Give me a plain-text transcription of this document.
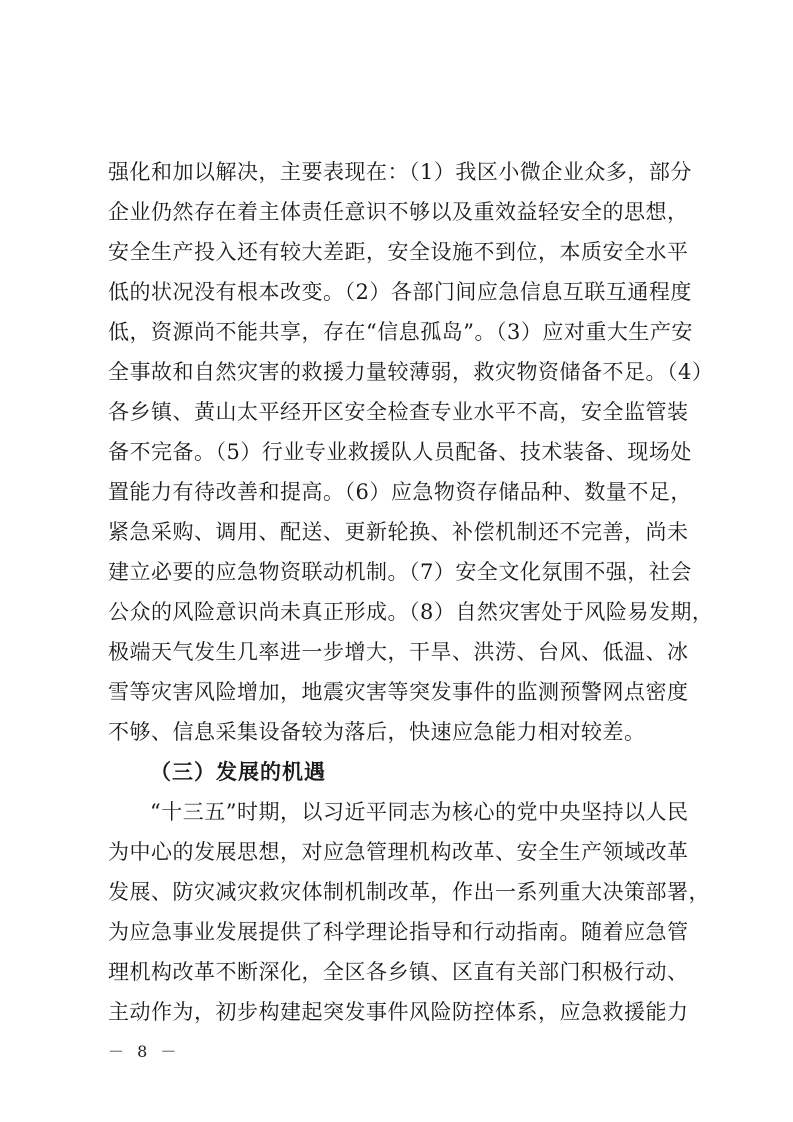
强化和加以解决，主要表现在：（1）我区小微企业众多，部分
企业仍然存在着主体责任意识不够以及重效益轻安全的思想，
安全生产投入还有较大差距，安全设施不到位，本质安全水平
低的状况没有根本改变。（2）各部门间应急信息互联互通程度
低，资源尚不能共享，存在“信息孤岛”。（3）应对重大生产安
全事故和自然灾害的救援力量较薄弱，救灾物资储备不足。（4）
各乡镇、黄山太平经开区安全检查专业水平不高，安全监管装
备不完备。（5）行业专业救援队人员配备、技术装备、现场处
置能力有待改善和提高。（6）应急物资存储品种、数量不足，
紧急采购、调用、配送、更新轮换、补偿机制还不完善，尚未
建立必要的应急物资联动机制。（7）安全文化氛围不强，社会
公众的风险意识尚未真正形成。（8）自然灾害处于风险易发期，
极端天气发生几率进一步增大，干旱、洪涝、台风、低温、冰
雪等灾害风险增加，地震灾害等突发事件的监测预警网点密度
不够、信息采集设备较为落后，快速应急能力相对较差。
（三）发展的机遇
“十三五”时期，以习近平同志为核心的党中央坚持以人民
为中心的发展思想，对应急管理机构改革、安全生产领域改革
发展、防灾减灾救灾体制机制改革，作出一系列重大决策部署，
为应急事业发展提供了科学理论指导和行动指南。随着应急管
理机构改革不断深化，全区各乡镇、区直有关部门积极行动、
主动作为，初步构建起突发事件风险防控体系，应急救援能力
－ 8 －
